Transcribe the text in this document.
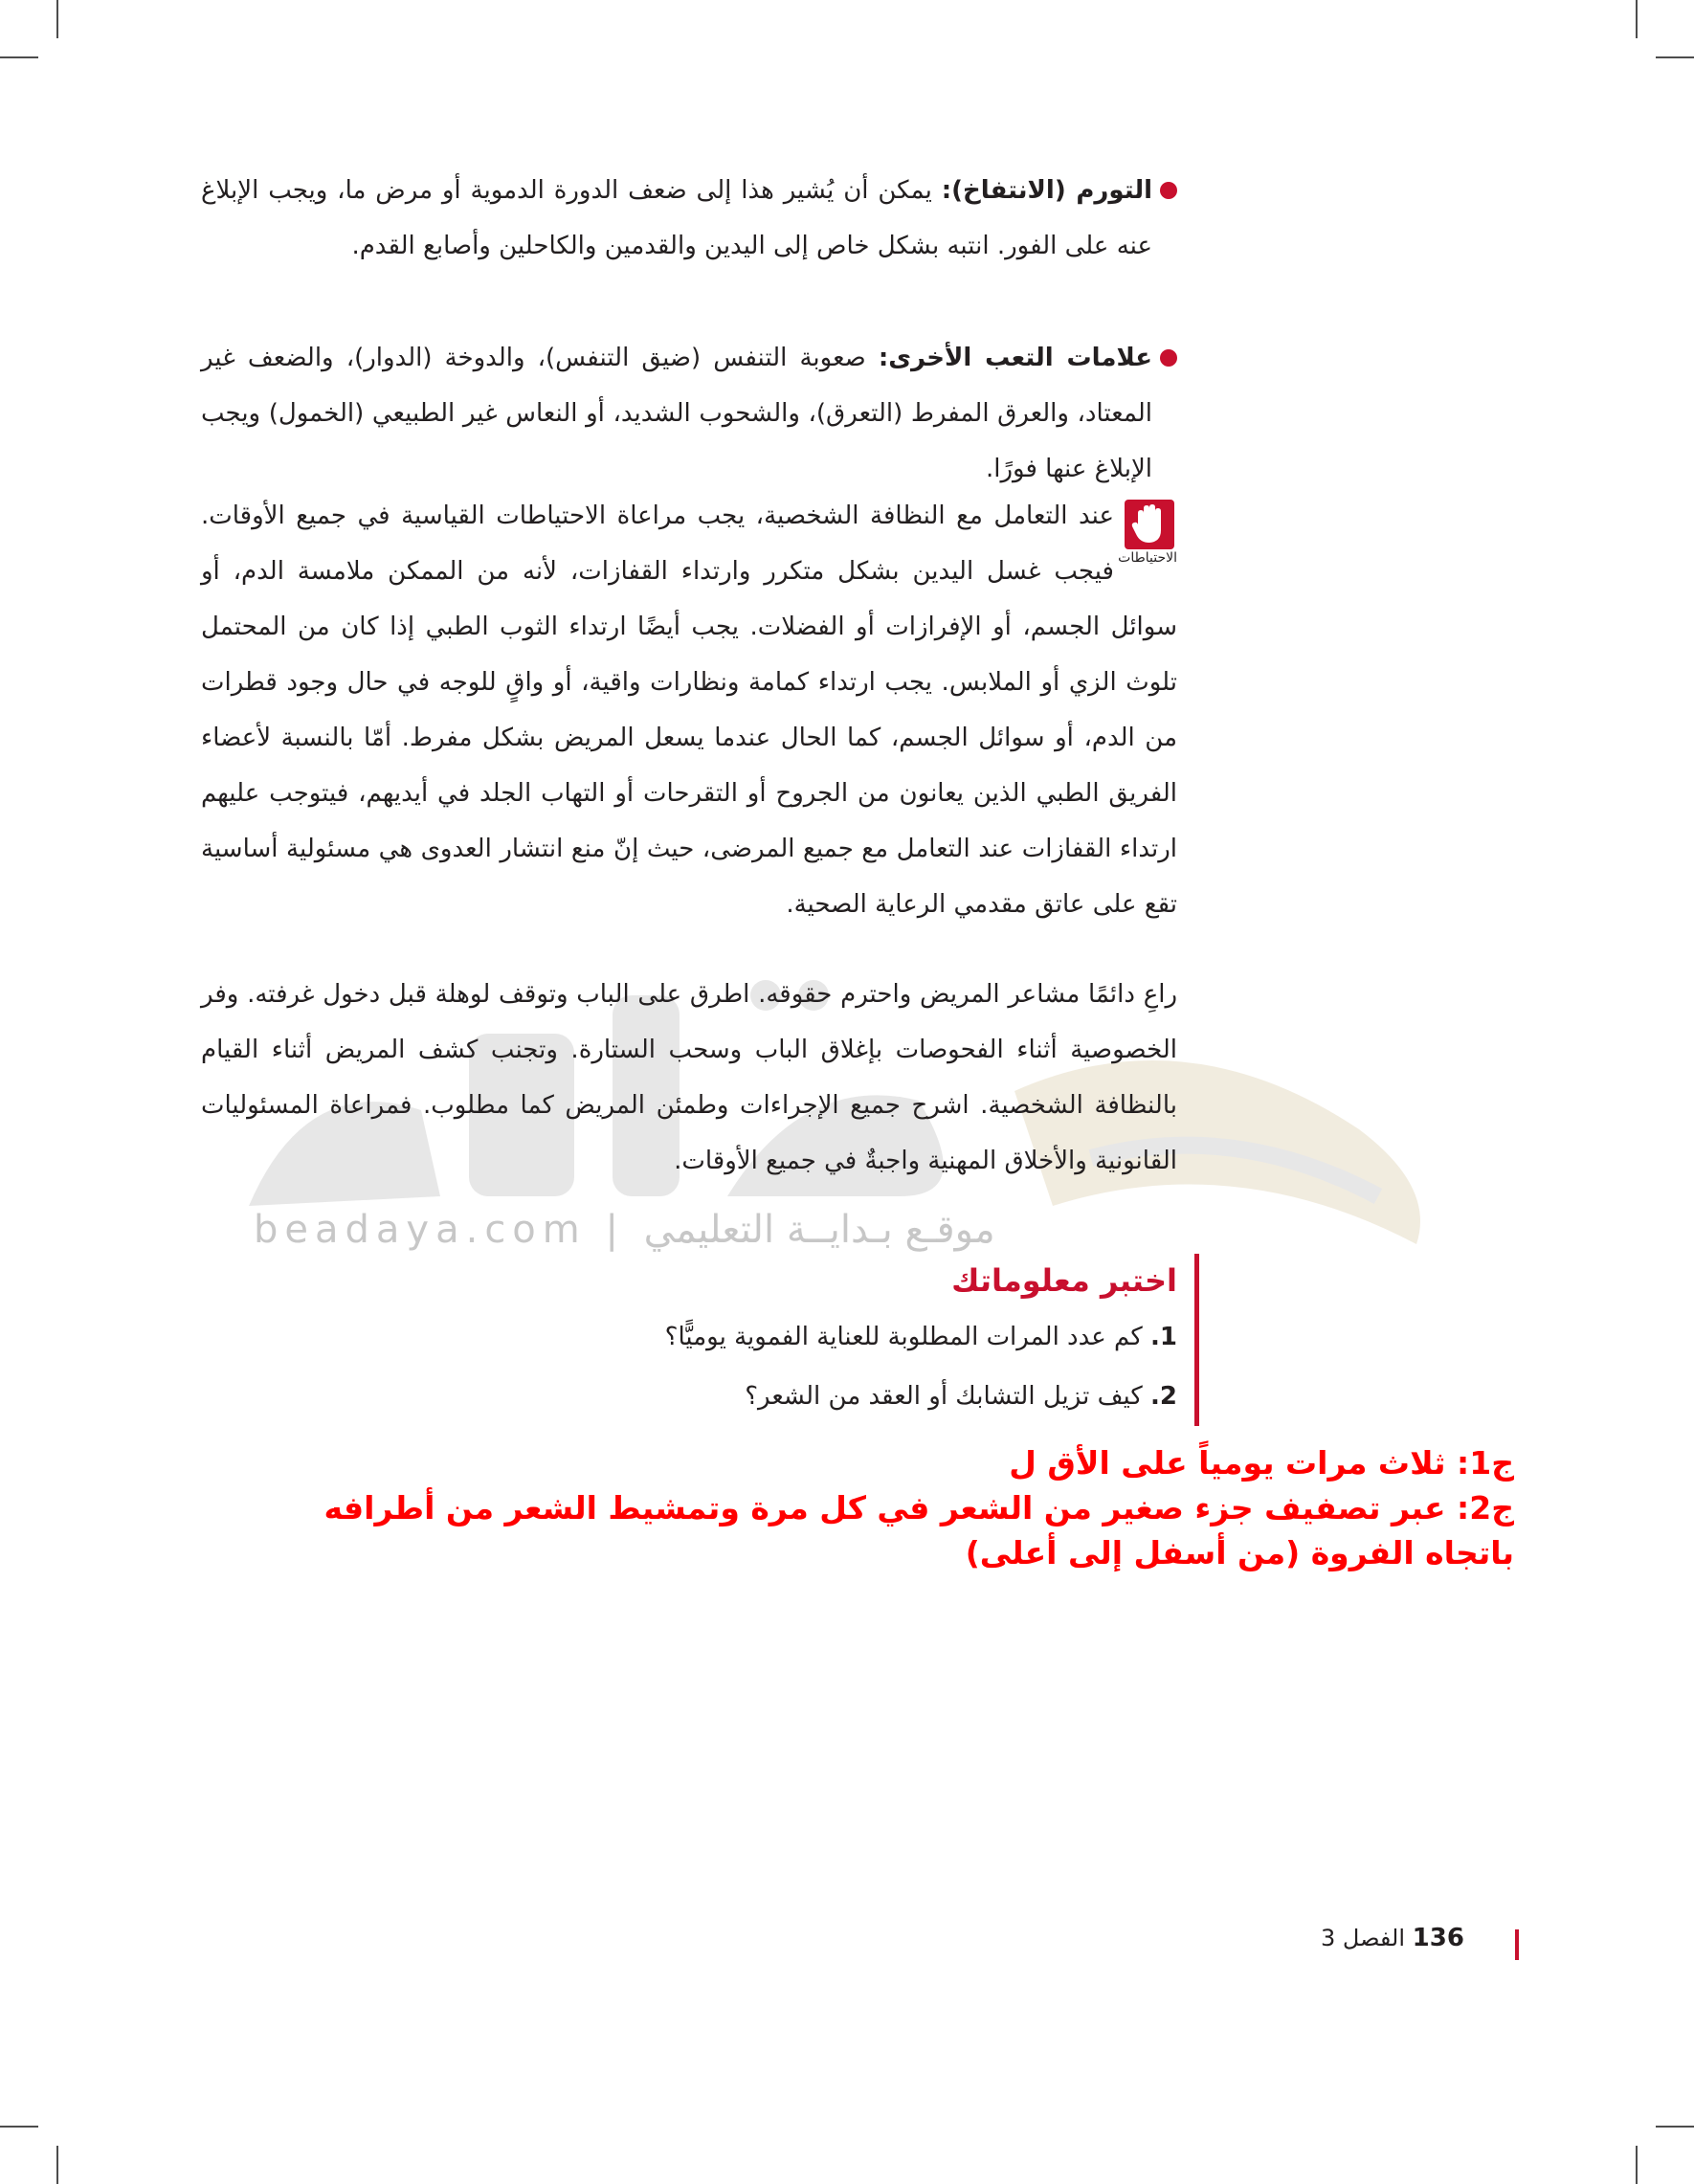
beadaya.com | موقـع بـدايــة التعليمي
التورم (الانتفاخ): يمكن أن يُشير هذا إلى ضعف الدورة الدموية أو مرض ما، ويجب الإبلاغ عنه على الفور. انتبه بشكل خاص إلى اليدين والقدمين والكاحلين وأصابع القدم.
علامات التعب الأخرى: صعوبة التنفس (ضيق التنفس)، والدوخة (الدوار)، والضعف غير المعتاد، والعرق المفرط (التعرق)، والشحوب الشديد، أو النعاس غير الطبيعي (الخمول) ويجب الإبلاغ عنها فورًا.
الاحتياطات
عند التعامل مع النظافة الشخصية، يجب مراعاة الاحتياطات القياسية في جميع الأوقات. فيجب غسل اليدين بشكل متكرر وارتداء القفازات، لأنه من الممكن ملامسة الدم، أو سوائل الجسم، أو الإفرازات أو الفضلات. يجب أيضًا ارتداء الثوب الطبي إذا كان من المحتمل تلوث الزي أو الملابس. يجب ارتداء كمامة ونظارات واقية، أو واقٍ للوجه في حال وجود قطرات من الدم، أو سوائل الجسم، كما الحال عندما يسعل المريض بشكل مفرط. أمّا بالنسبة لأعضاء الفريق الطبي الذين يعانون من الجروح أو التقرحات أو التهاب الجلد في أيديهم، فيتوجب عليهم ارتداء القفازات عند التعامل مع جميع المرضى، حيث إنّ منع انتشار العدوى هي مسئولية أساسية تقع على عاتق مقدمي الرعاية الصحية.
راعِ دائمًا مشاعر المريض واحترم حقوقه. اطرق على الباب وتوقف لوهلة قبل دخول غرفته. وفر الخصوصية أثناء الفحوصات بإغلاق الباب وسحب الستارة. وتجنب كشف المريض أثناء القيام بالنظافة الشخصية. اشرح جميع الإجراءات وطمئن المريض كما مطلوب. فمراعاة المسئوليات القانونية والأخلاق المهنية واجبةٌ في جميع الأوقات.
اختبر معلوماتك
1. كم عدد المرات المطلوبة للعناية الفموية يوميًّا؟
2. كيف تزيل التشابك أو العقد من الشعر؟
ج1: ثلاث مرات يومياً على الأق ل
ج2: عبر تصفيف جزء صغير من الشعر في كل مرة وتمشيط الشعر من أطرافه باتجاه الفروة (من أسفل إلى أعلى)
136 الفصل 3
